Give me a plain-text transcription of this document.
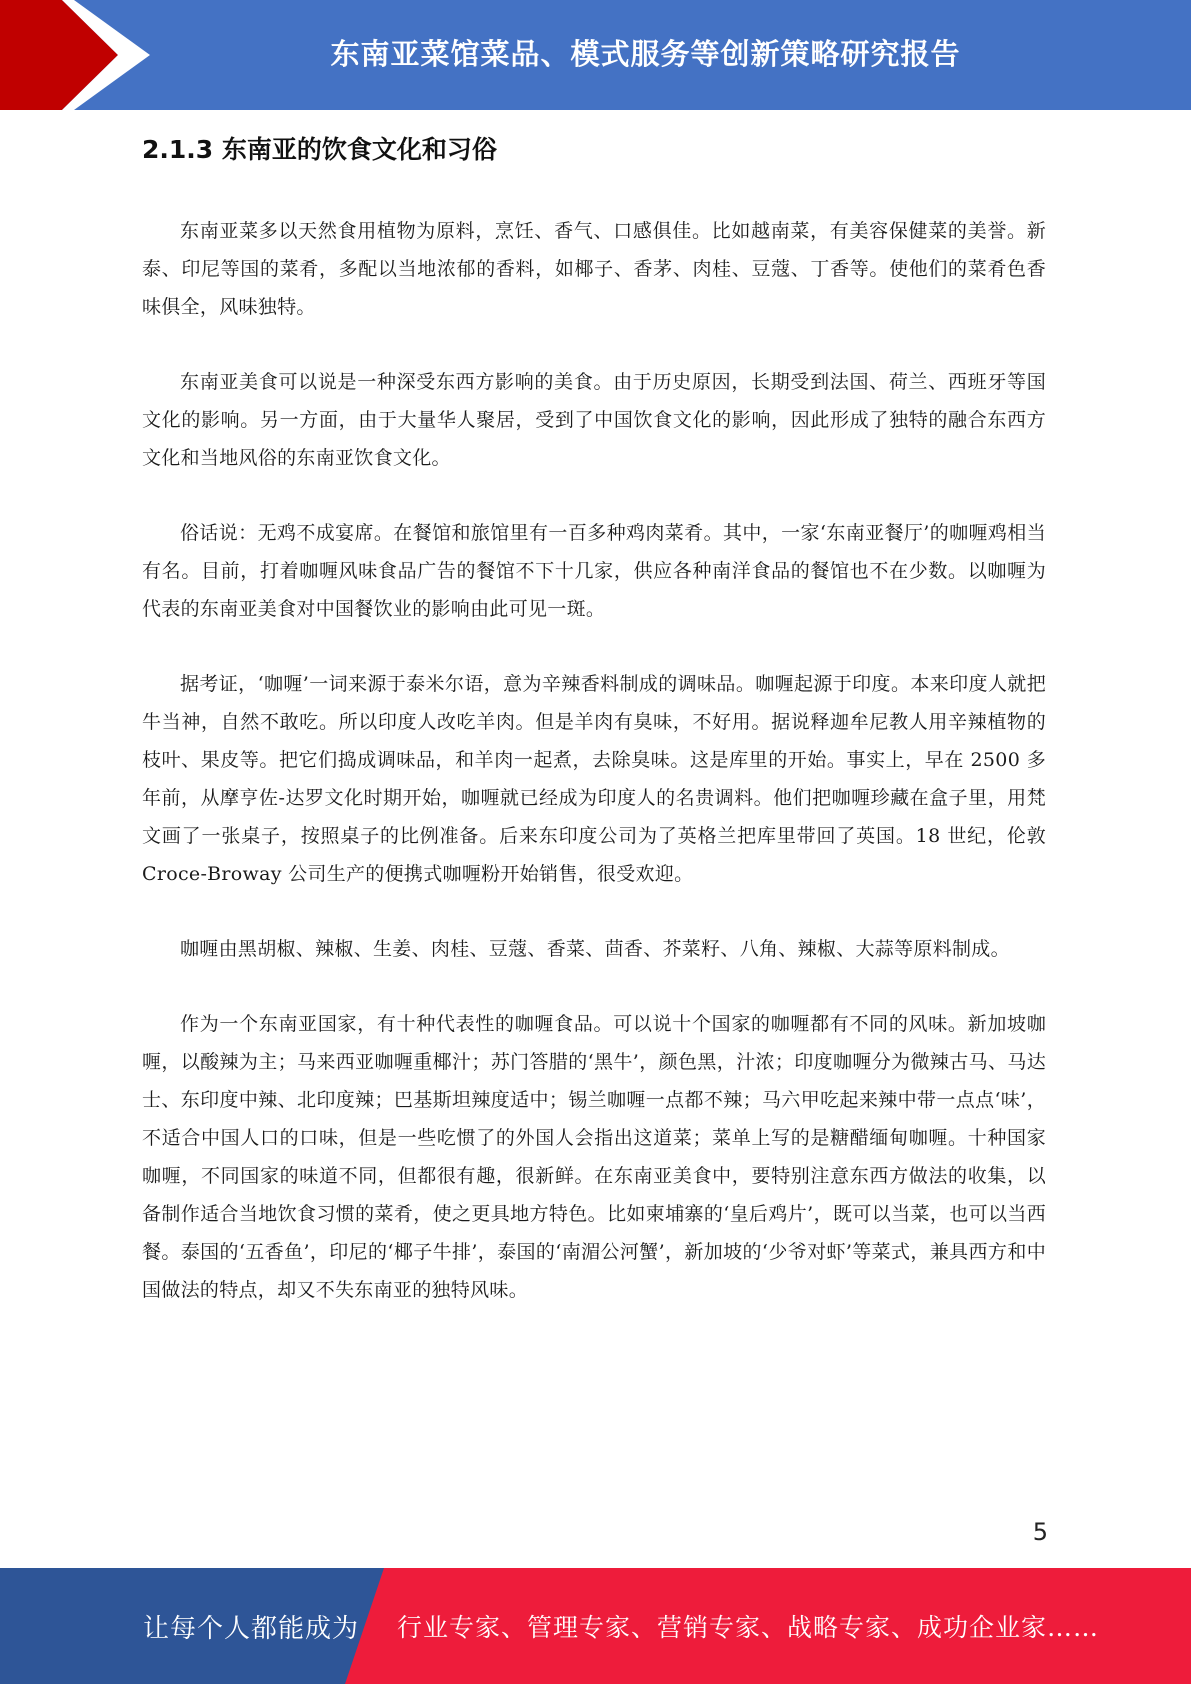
东南亚菜馆菜品、模式服务等创新策略研究报告
2.1.3 东南亚的饮食文化和习俗

东南亚菜多以天然食用植物为原料，烹饪、香气、口感俱佳。比如越南菜，有美容保健菜的美誉。新泰、印尼等国的菜肴，多配以当地浓郁的香料，如椰子、香茅、肉桂、豆蔻、丁香等。使他们的菜肴色香味俱全，风味独特。

东南亚美食可以说是一种深受东西方影响的美食。由于历史原因，长期受到法国、荷兰、西班牙等国文化的影响。另一方面，由于大量华人聚居，受到了中国饮食文化的影响，因此形成了独特的融合东西方文化和当地风俗的东南亚饮食文化。

俗话说：无鸡不成宴席。在餐馆和旅馆里有一百多种鸡肉菜肴。其中，一家‘东南亚餐厅’的咖喱鸡相当有名。目前，打着咖喱风味食品广告的餐馆不下十几家，供应各种南洋食品的餐馆也不在少数。以咖喱为代表的东南亚美食对中国餐饮业的影响由此可见一斑。

据考证，‘咖喱’一词来源于泰米尔语，意为辛辣香料制成的调味品。咖喱起源于印度。本来印度人就把牛当神，自然不敢吃。所以印度人改吃羊肉。但是羊肉有臭味，不好用。据说释迦牟尼教人用辛辣植物的枝叶、果皮等。把它们捣成调味品，和羊肉一起煮，去除臭味。这是库里的开始。事实上，早在 2500 多年前，从摩亨佐-达罗文化时期开始，咖喱就已经成为印度人的名贵调料。他们把咖喱珍藏在盒子里，用梵文画了一张桌子，按照桌子的比例准备。后来东印度公司为了英格兰把库里带回了英国。18 世纪，伦敦 Croce-Broway 公司生产的便携式咖喱粉开始销售，很受欢迎。

咖喱由黑胡椒、辣椒、生姜、肉桂、豆蔻、香菜、茴香、芥菜籽、八角、辣椒、大蒜等原料制成。

作为一个东南亚国家，有十种代表性的咖喱食品。可以说十个国家的咖喱都有不同的风味。新加坡咖喱，以酸辣为主；马来西亚咖喱重椰汁；苏门答腊的‘黑牛’，颜色黑，汁浓；印度咖喱分为微辣古马、马达士、东印度中辣、北印度辣；巴基斯坦辣度适中；锡兰咖喱一点都不辣；马六甲吃起来辣中带一点点‘味’，不适合中国人口的口味，但是一些吃惯了的外国人会指出这道菜；菜单上写的是糖醋缅甸咖喱。十种国家咖喱，不同国家的味道不同，但都很有趣，很新鲜。在东南亚美食中，要特别注意东西方做法的收集，以备制作适合当地饮食习惯的菜肴，使之更具地方特色。比如柬埔寨的‘皇后鸡片’，既可以当菜，也可以当西餐。泰国的‘五香鱼’，印尼的‘椰子牛排’，泰国的‘南湄公河蟹’，新加坡的‘少爷对虾’等菜式，兼具西方和中国做法的特点，却又不失东南亚的独特风味。

5
让每个人都能成为 行业专家、管理专家、营销专家、战略专家、成功企业家……
